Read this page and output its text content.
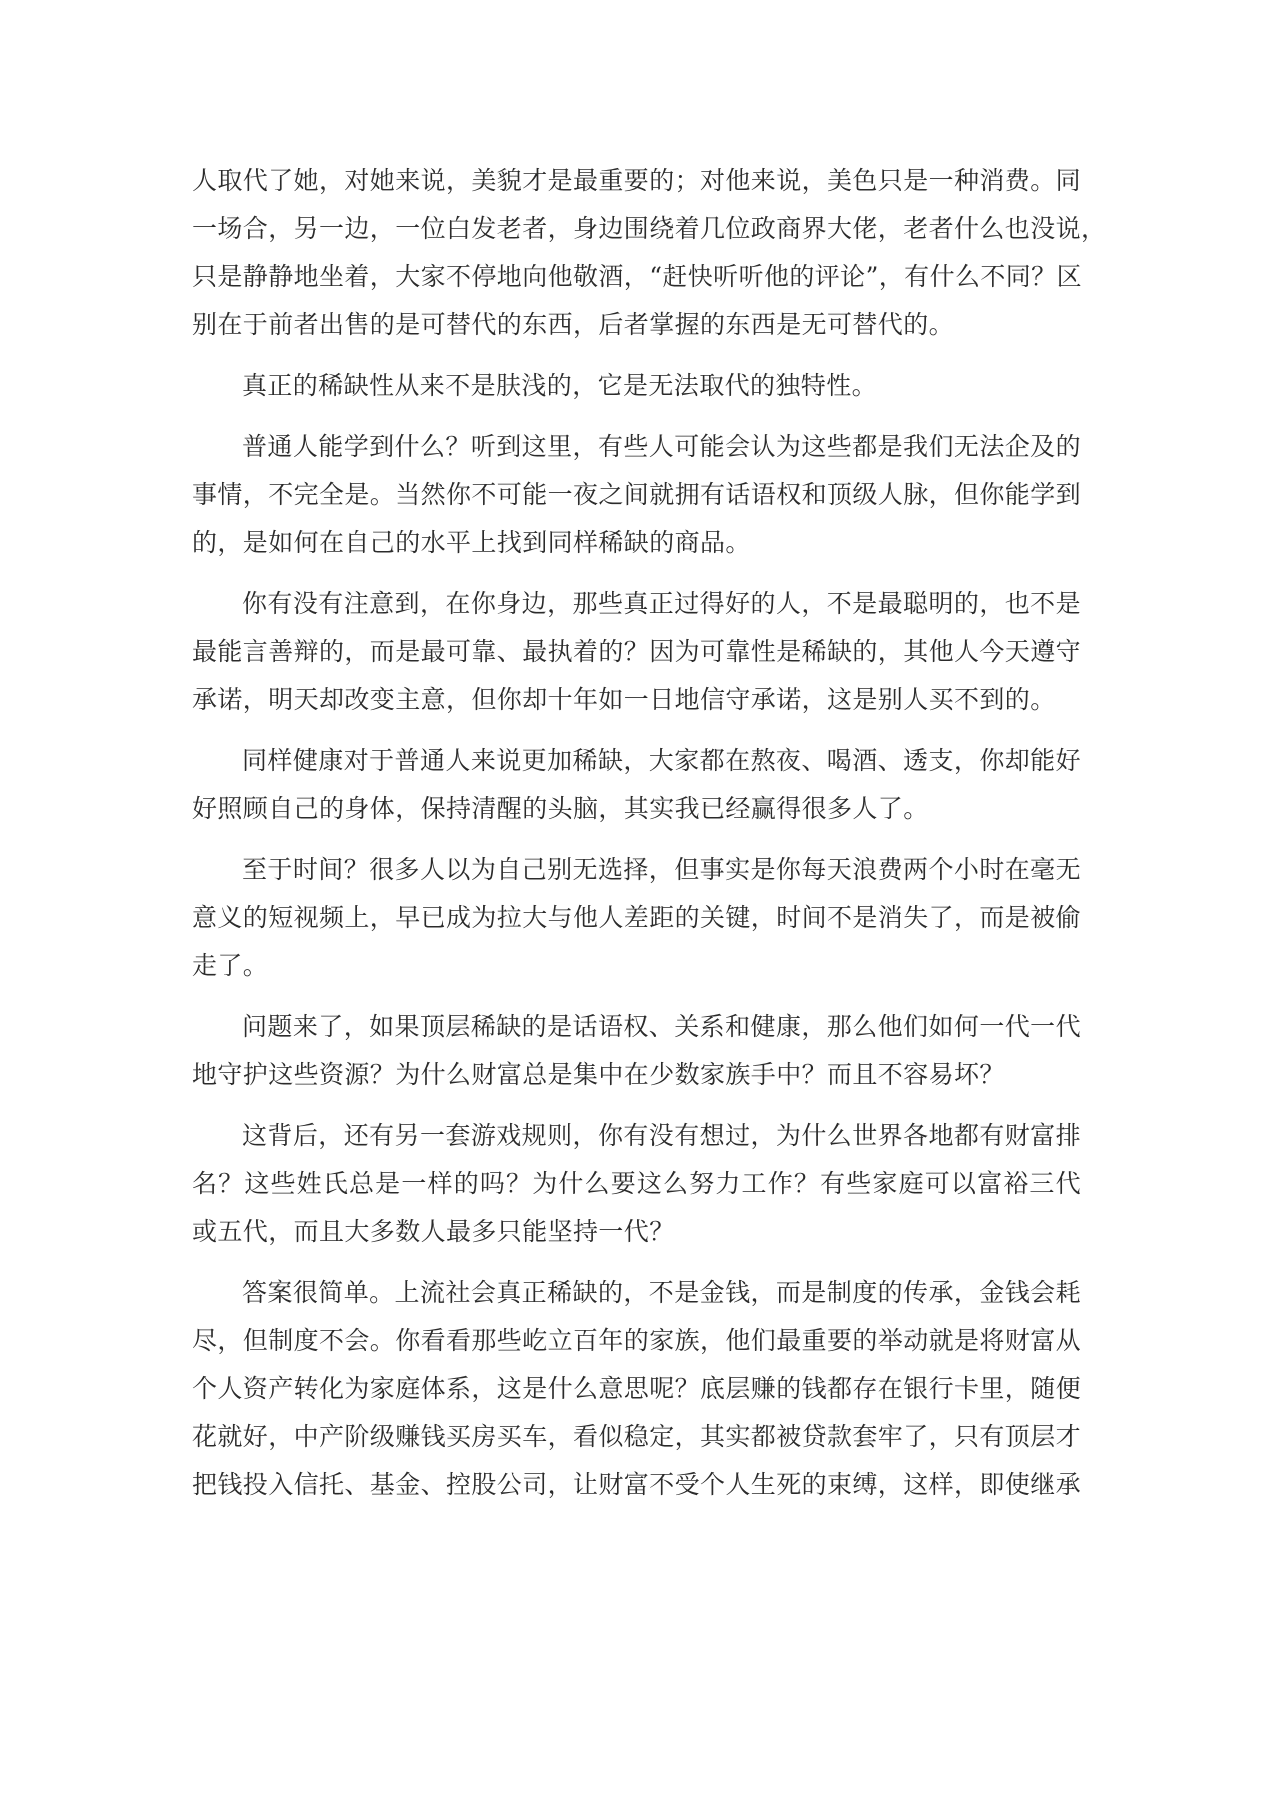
人取代了她，对她来说，美貌才是最重要的；对他来说，美色只是一种消费。同
一场合，另一边，一位白发老者，身边围绕着几位政商界大佬，老者什么也没说，
只是静静地坐着，大家不停地向他敬酒，“赶快听听他的评论”，有什么不同？区
别在于前者出售的是可替代的东西，后者掌握的东西是无可替代的。
真正的稀缺性从来不是肤浅的，它是无法取代的独特性。
普通人能学到什么？听到这里，有些人可能会认为这些都是我们无法企及的
事情，不完全是。当然你不可能一夜之间就拥有话语权和顶级人脉，但你能学到
的，是如何在自己的水平上找到同样稀缺的商品。
你有没有注意到，在你身边，那些真正过得好的人，不是最聪明的，也不是
最能言善辩的，而是最可靠、最执着的？因为可靠性是稀缺的，其他人今天遵守
承诺，明天却改变主意，但你却十年如一日地信守承诺，这是别人买不到的。
同样健康对于普通人来说更加稀缺，大家都在熬夜、喝酒、透支，你却能好
好照顾自己的身体，保持清醒的头脑，其实我已经赢得很多人了。
至于时间？很多人以为自己别无选择，但事实是你每天浪费两个小时在毫无
意义的短视频上，早已成为拉大与他人差距的关键，时间不是消失了，而是被偷
走了。
问题来了，如果顶层稀缺的是话语权、关系和健康，那么他们如何一代一代
地守护这些资源？为什么财富总是集中在少数家族手中？而且不容易坏？
这背后，还有另一套游戏规则，你有没有想过，为什么世界各地都有财富排
名？这些姓氏总是一样的吗？为什么要这么努力工作？有些家庭可以富裕三代
或五代，而且大多数人最多只能坚持一代？
答案很简单。上流社会真正稀缺的，不是金钱，而是制度的传承，金钱会耗
尽，但制度不会。你看看那些屹立百年的家族，他们最重要的举动就是将财富从
个人资产转化为家庭体系，这是什么意思呢？底层赚的钱都存在银行卡里，随便
花就好，中产阶级赚钱买房买车，看似稳定，其实都被贷款套牢了，只有顶层才
把钱投入信托、基金、控股公司，让财富不受个人生死的束缚，这样，即使继承
